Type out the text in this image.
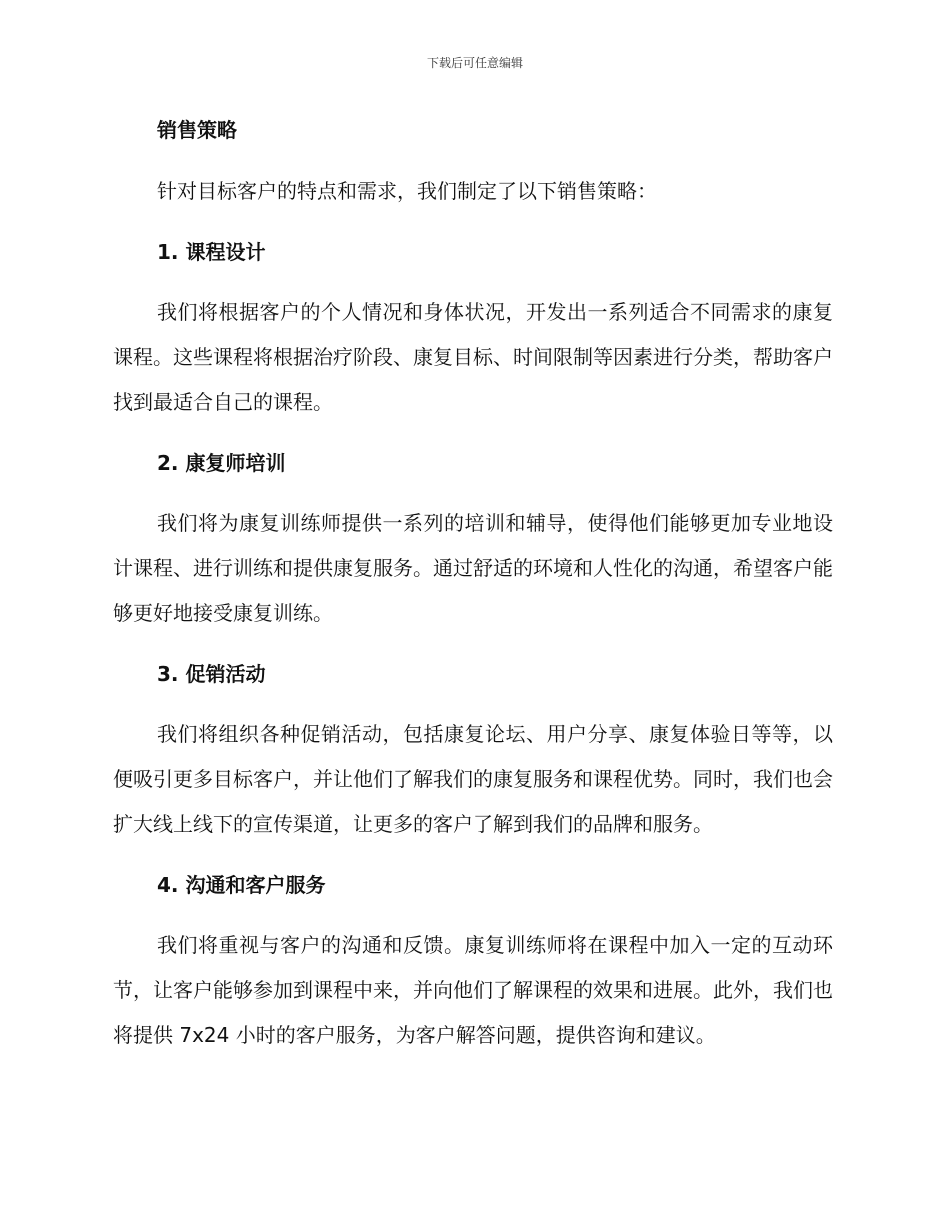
下载后可任意编辑
销售策略

针对目标客户的特点和需求，我们制定了以下销售策略：

1. 课程设计

我们将根据客户的个人情况和身体状况，开发出一系列适合不同需求的康复课程。这些课程将根据治疗阶段、康复目标、时间限制等因素进行分类，帮助客户找到最适合自己的课程。

2. 康复师培训

我们将为康复训练师提供一系列的培训和辅导，使得他们能够更加专业地设计课程、进行训练和提供康复服务。通过舒适的环境和人性化的沟通，希望客户能够更好地接受康复训练。

3. 促销活动

我们将组织各种促销活动，包括康复论坛、用户分享、康复体验日等等，以便吸引更多目标客户，并让他们了解我们的康复服务和课程优势。同时，我们也会扩大线上线下的宣传渠道，让更多的客户了解到我们的品牌和服务。

4. 沟通和客户服务

我们将重视与客户的沟通和反馈。康复训练师将在课程中加入一定的互动环节，让客户能够参加到课程中来，并向他们了解课程的效果和进展。此外，我们也将提供 7x24 小时的客户服务，为客户解答问题，提供咨询和建议。
